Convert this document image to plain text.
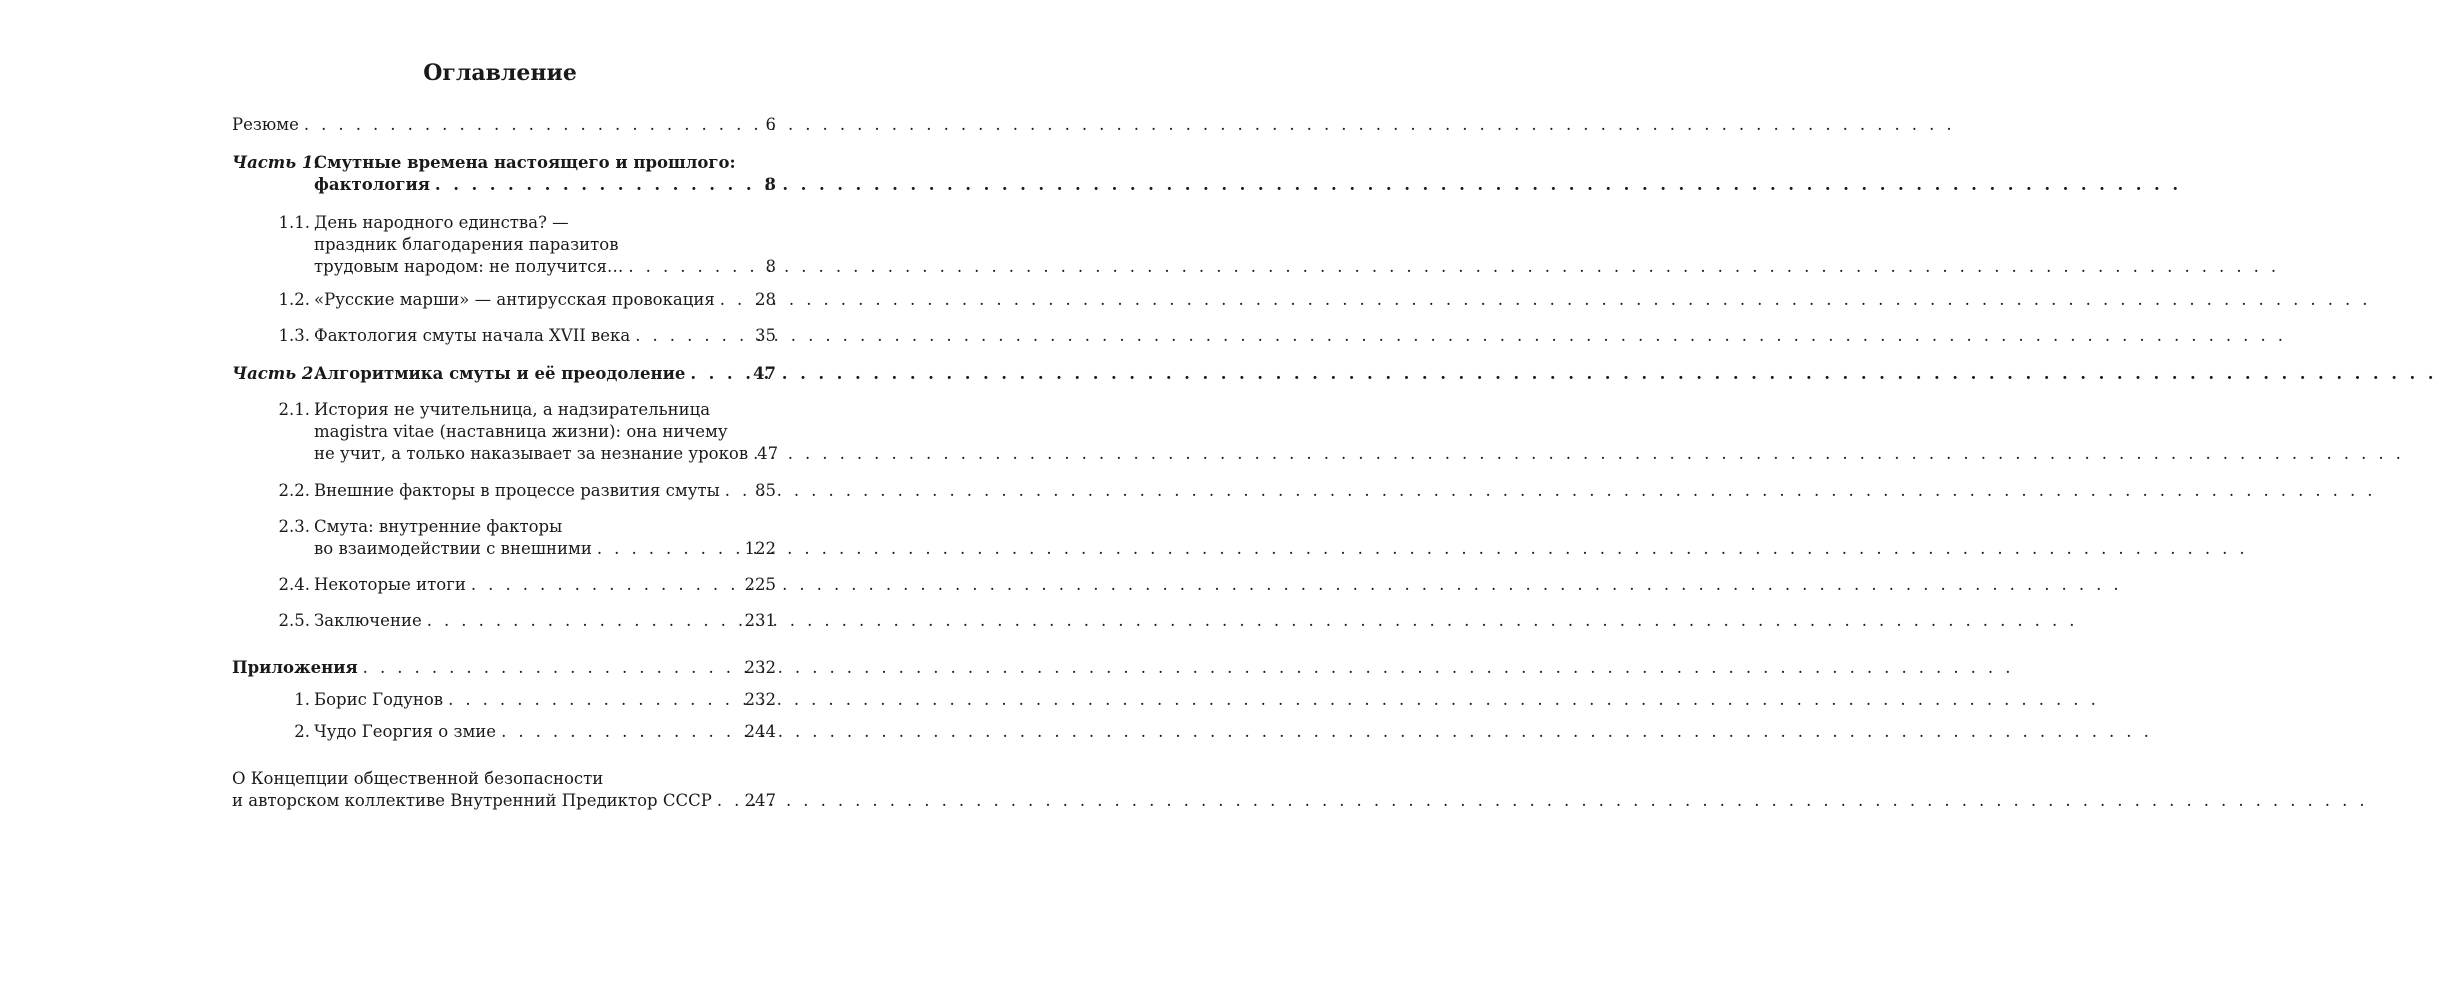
Оглавление
Резюме . . .	6
Часть 1.
Смутные времена настоящего и прошлого:
фактология . . .	8
1.1. День народного единства? —
праздник благодарения паразитов
трудовым народом: не получится… . . .	8
1.2. «Русские марши» — антирусская провокация . . . 28
1.3. Фактология смуты начала XVII века . . .	35
Часть 2.
Алгоритмика смуты и её преодоление . . .	47
2.1. История не учительница, а надзирательница
magistra vitae (наставница жизни): она ничему
не учит, а только наказывает за незнание уроков . . . 47
2.2. Внешние факторы в процессе развития смуты . . . 85
2.3. Смута: внутренние факторы
во взаимодействии с внешними . . .	122
2.4. Некоторые итоги . . .	225
2.5. Заключение . . .	231
Приложения . . .	232
1. Борис Годунов . . .	232
2. Чудо Георгия о змие . . .	244
О Концепции общественной безопасности
и авторском коллективе Внутренний Предиктор СССР . . . 247
